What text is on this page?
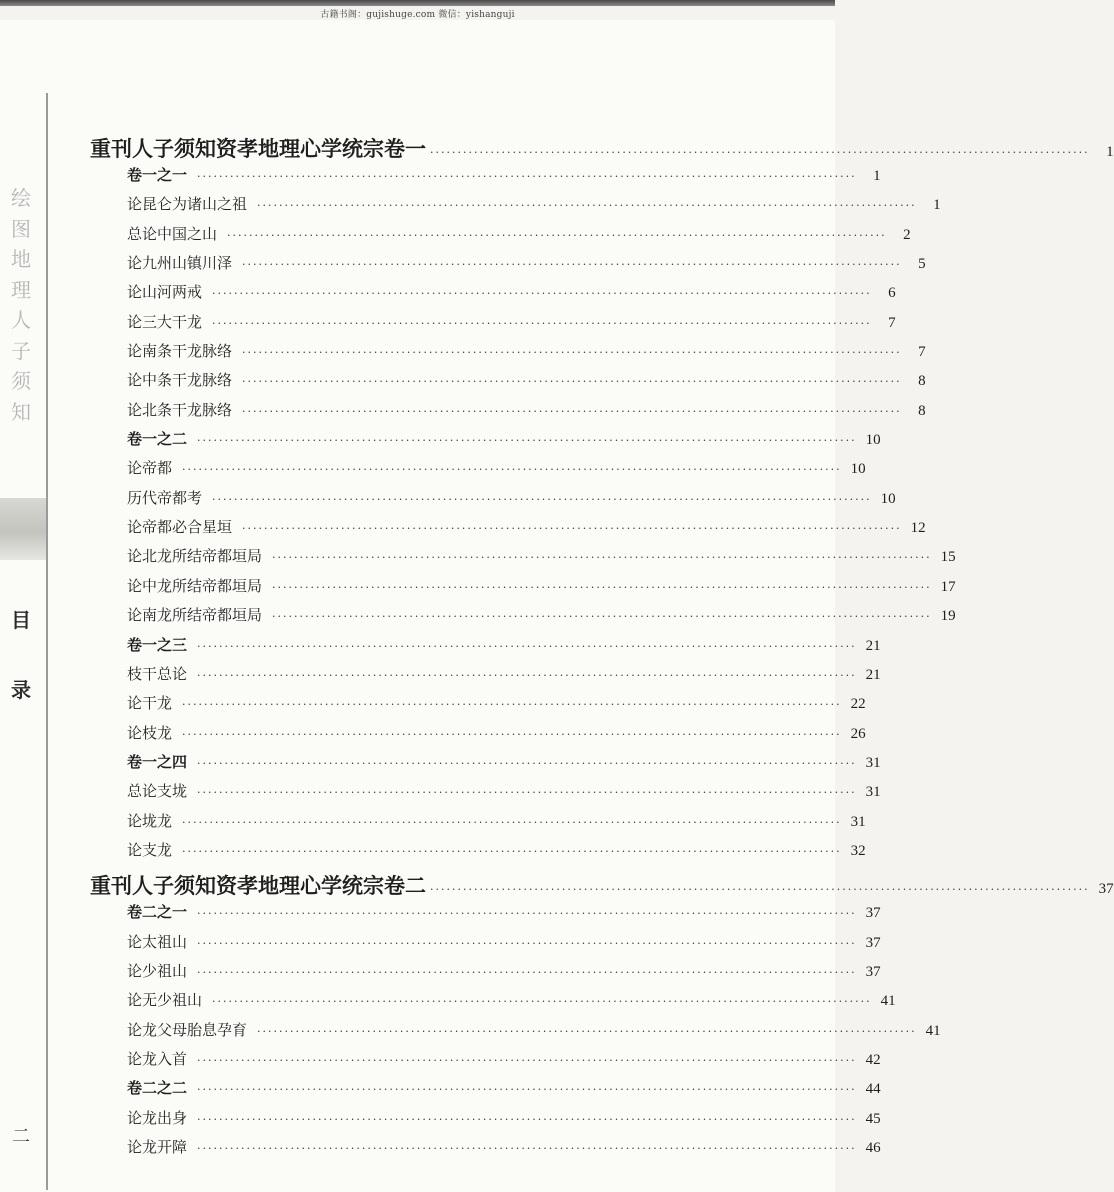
古籍书阁：gujishuge.com 微信：yishanguji
绘
图
地
理
人
子
须
知
目
录
二
重刊人子须知资孝地理心学统宗卷一 ························································································································	1
卷一之一 ························································································································	1
论昆仑为诸山之祖 ························································································································	1
总论中国之山 ························································································································	2
论九州山镇川泽 ························································································································	5
论山河两戒 ························································································································	6
论三大干龙 ························································································································	7
论南条干龙脉络 ························································································································	7
论中条干龙脉络 ························································································································	8
论北条干龙脉络 ························································································································	8
卷一之二 ························································································································ 10
论帝都 ························································································································ 10
历代帝都考 ························································································································ 10
论帝都必合星垣 ························································································································ 12
论北龙所结帝都垣局 ························································································································ 15
论中龙所结帝都垣局 ························································································································ 17
论南龙所结帝都垣局 ························································································································ 19
卷一之三 ························································································································ 21
枝干总论 ························································································································ 21
论干龙 ························································································································ 22
论枝龙 ························································································································ 26
卷一之四 ························································································································ 31
总论支垅 ························································································································ 31
论垅龙 ························································································································ 31
论支龙 ························································································································ 32
重刊人子须知资孝地理心学统宗卷二 ························································································································ 37
卷二之一 ························································································································ 37
论太祖山 ························································································································ 37
论少祖山 ························································································································ 37
论无少祖山 ························································································································ 41
论龙父母胎息孕育 ························································································································ 41
论龙入首 ························································································································ 42
卷二之二 ························································································································ 44
论龙出身 ························································································································ 45
论龙开障 ························································································································ 46
